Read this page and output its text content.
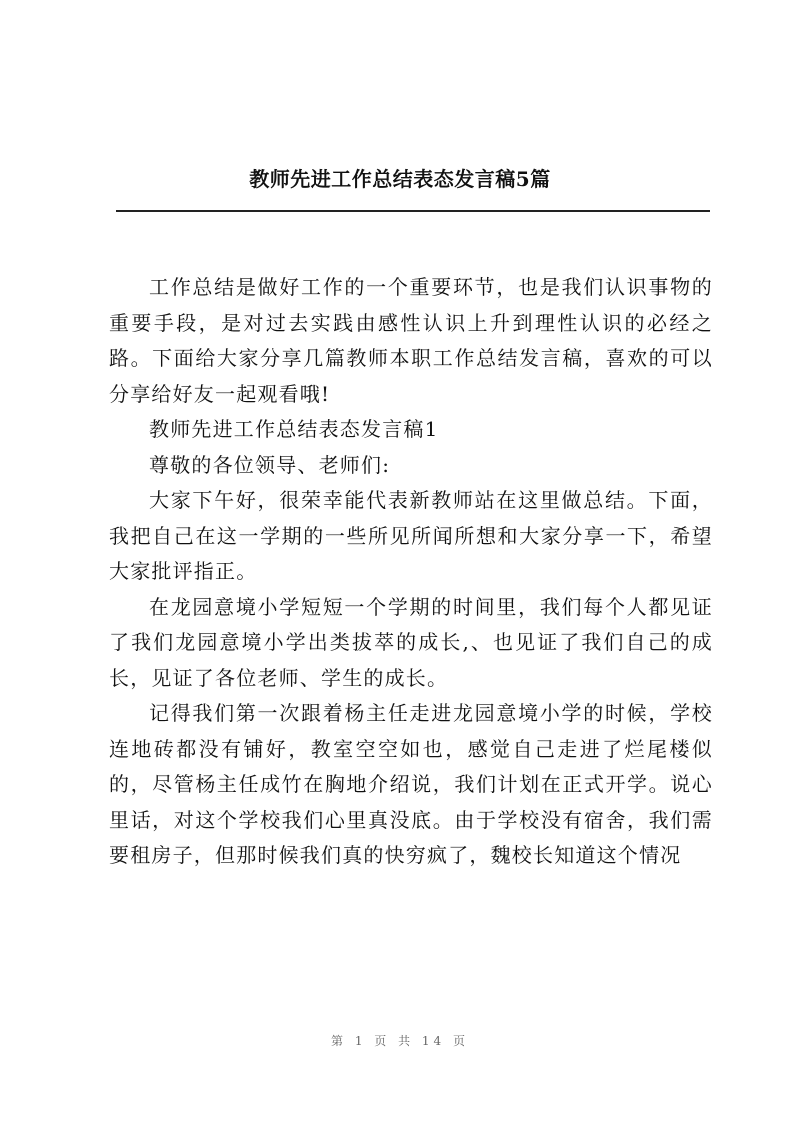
教师先进工作总结表态发言稿5篇

工作总结是做好工作的一个重要环节，也是我们认识事物的重要手段，是对过去实践由感性认识上升到理性认识的必经之路。下面给大家分享几篇教师本职工作总结发言稿，喜欢的可以分享给好友一起观看哦!

教师先进工作总结表态发言稿1

尊敬的各位领导、老师们:

大家下午好，很荣幸能代表新教师站在这里做总结。下面，我把自己在这一学期的一些所见所闻所想和大家分享一下，希望大家批评指正。

在龙园意境小学短短一个学期的时间里，我们每个人都见证了我们龙园意境小学出类拔萃的成长,、也见证了我们自己的成长，见证了各位老师、学生的成长。

记得我们第一次跟着杨主任走进龙园意境小学的时候，学校连地砖都没有铺好，教室空空如也，感觉自己走进了烂尾楼似的，尽管杨主任成竹在胸地介绍说，我们计划在正式开学。说心里话，对这个学校我们心里真没底。由于学校没有宿舍，我们需要租房子，但那时候我们真的快穷疯了，魏校长知道这个情况

第 1 页 共 14 页
